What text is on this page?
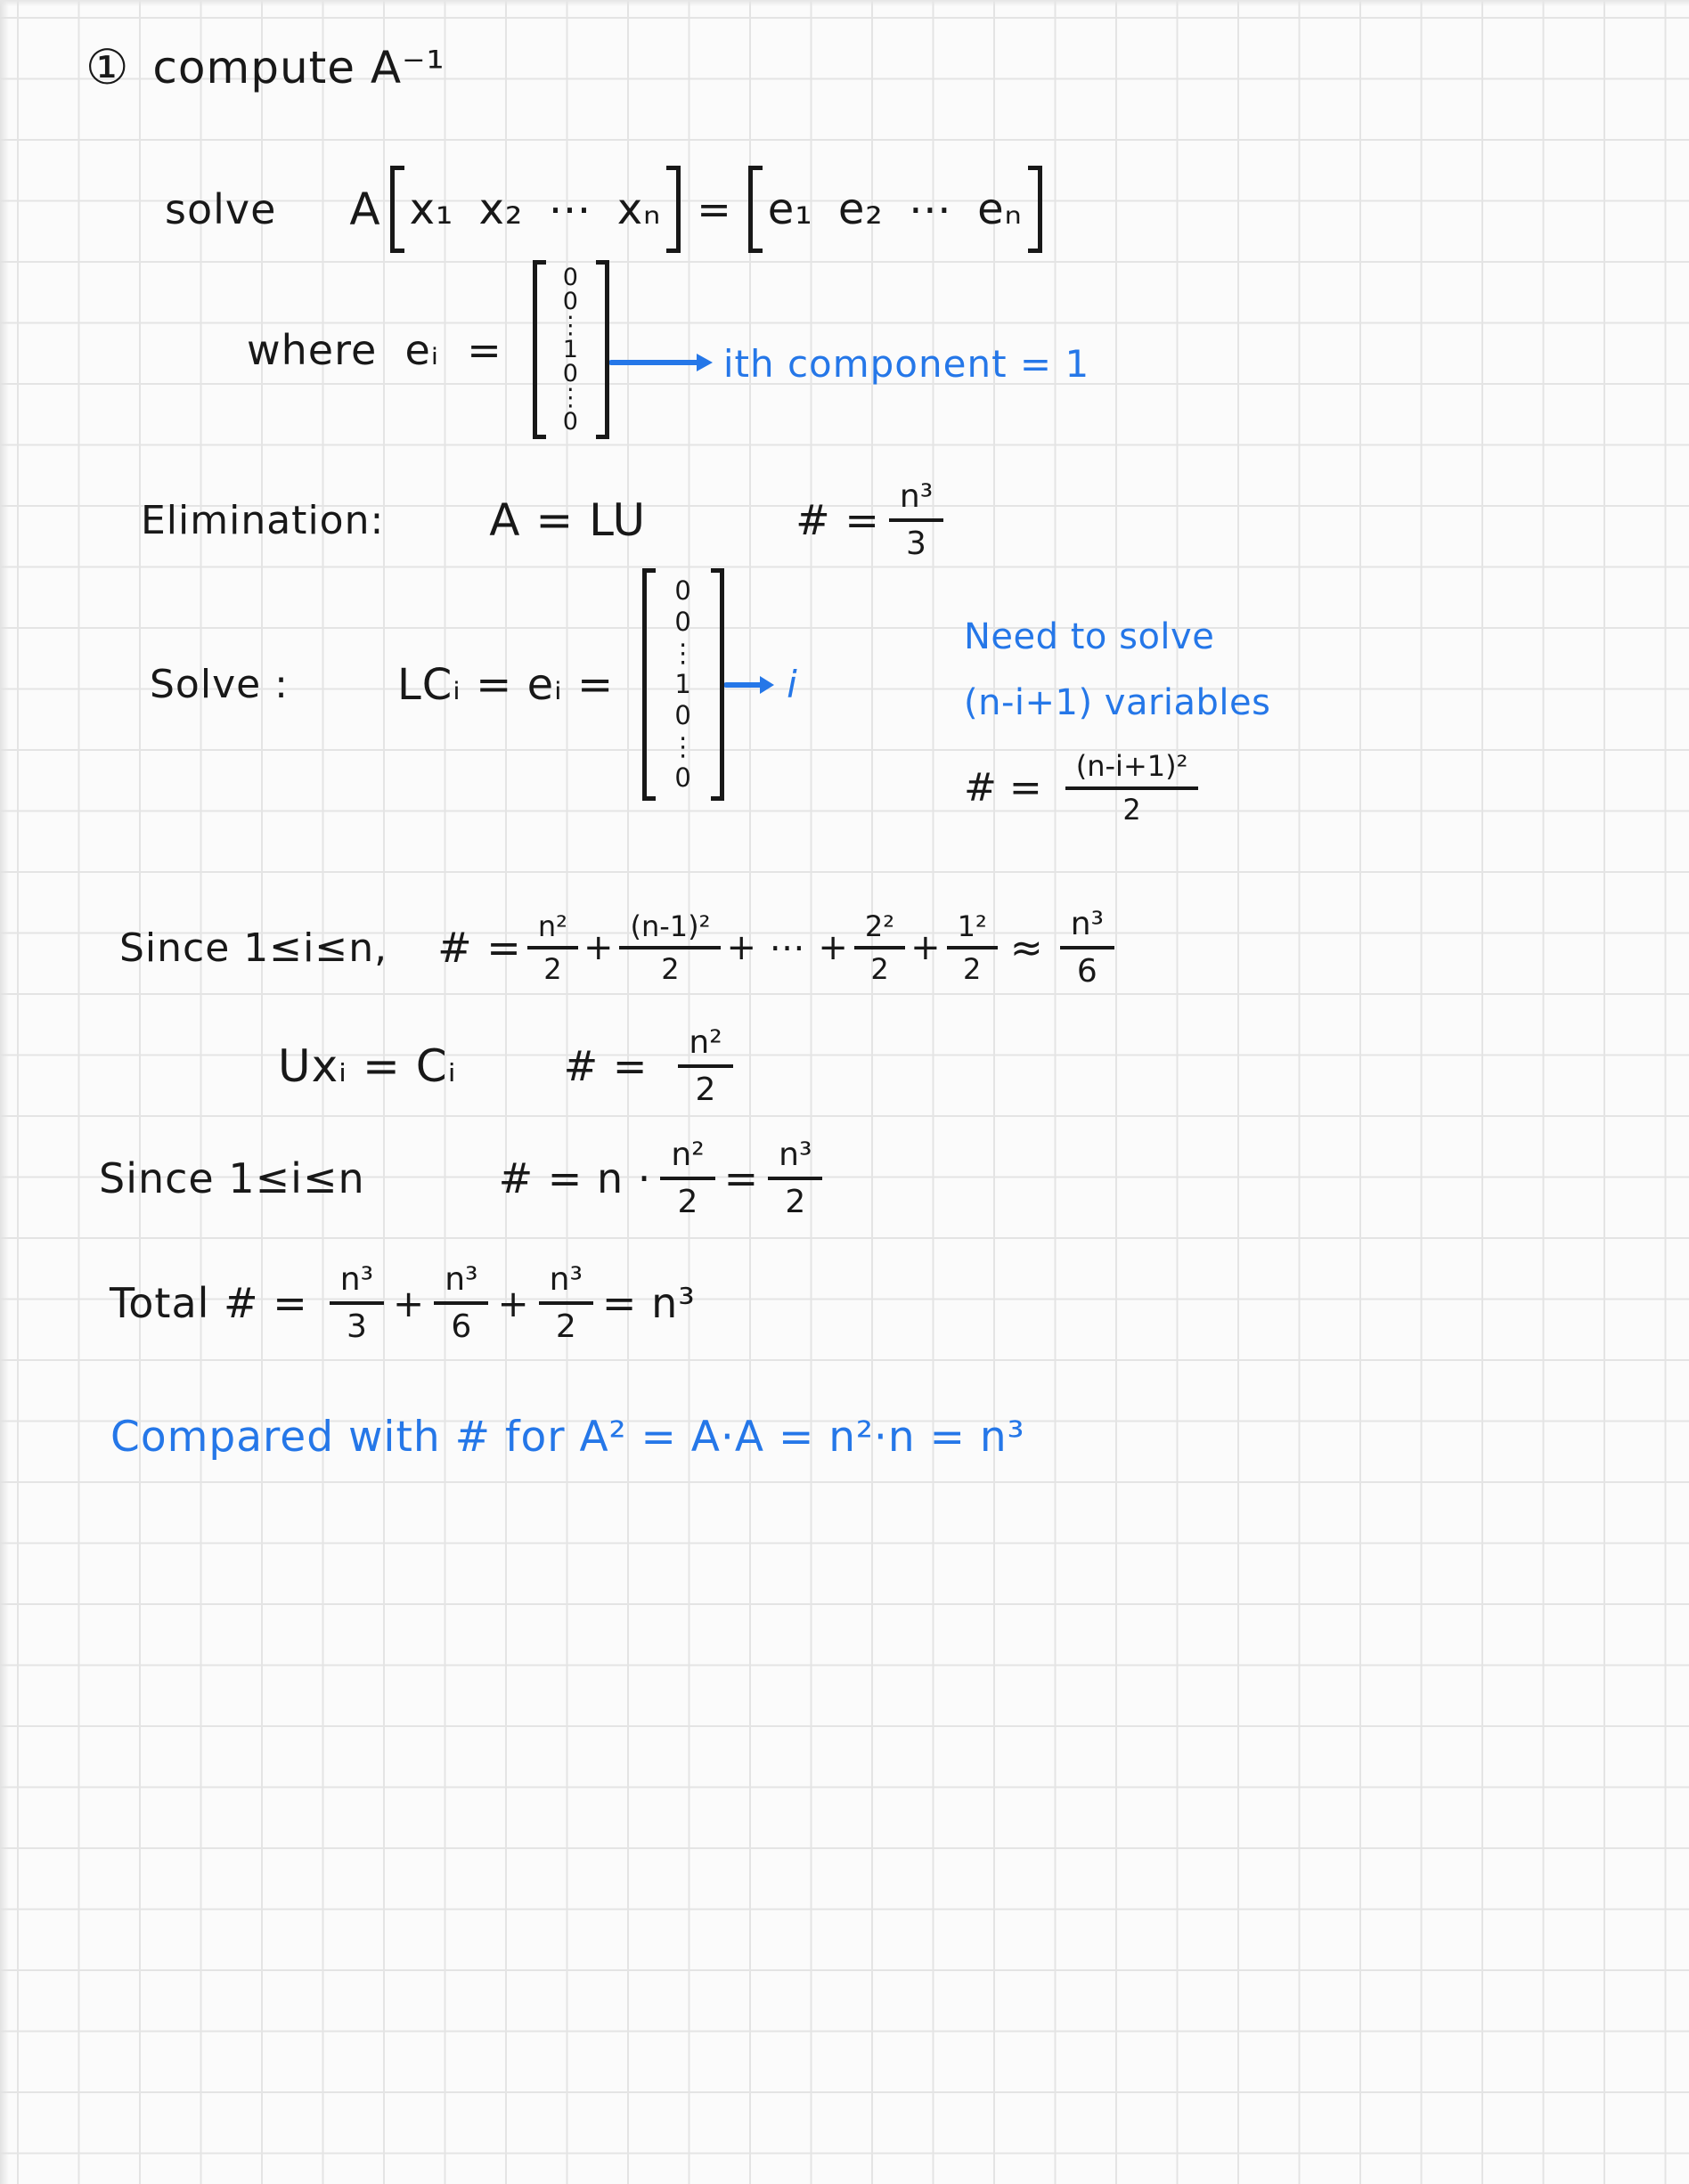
① compute A⁻¹
solve A x₁ x₂ ⋯ xₙ = e₁ e₂ ⋯ eₙ
where  eᵢ  =
0
0
⋮
1
0
⋮
0
ith component = 1
Elimination: A = LU	# = $\frac{\text{n³}}{3}$
Solve :	LCᵢ = eᵢ =
0
0
⋮
1
0
⋮
0
i
Need to solve
(n-i+1) variables
# = $\frac{\text{(n-i+1)²}}{2}$
Since 1≤i≤n, # = $\frac{\text{n²}}{2} + \frac{\text{(n-1)²}}{2}$ + ⋯ + $\frac{\text{2²}}{2} + \frac{\text{1²}}{2} \approx \frac{\text{n³}}{6}$
Uxᵢ = Cᵢ	# = $\frac{\text{n²}}{2}$
Since 1≤i≤n	# = $n \cdot \frac{\text{n²}}{2} = \frac{\text{n³}}{2}$
Total # = $\frac{\text{n³}}{3} + \frac{\text{n³}}{6} + \frac{\text{n³}}{2} = n^3$
Compared with # for A² = A·A = n²·n = n³
